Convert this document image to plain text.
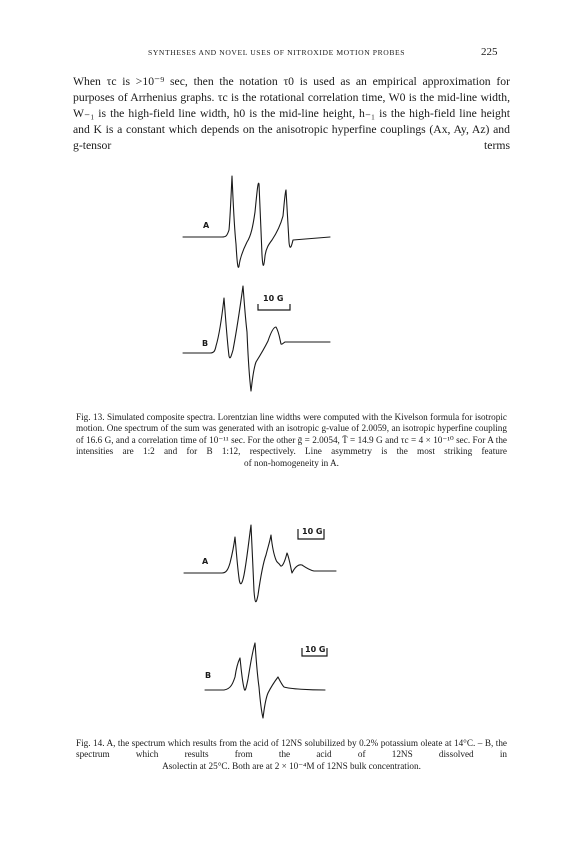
SYNTHESES AND NOVEL USES OF NITROXIDE MOTION PROBES	225

When τc is >10⁻⁹ sec, then the notation τ0 is used as an empirical approximation for purposes of Arrhenius graphs. τc is the rotational correlation time, W0 is the mid-line width, W₋₁ is the high-field line width, h0 is the mid-line height, h₋₁ is the high-field line height and K is a constant which depends on the anisotropic hyperfine couplings (Ax, Ay, Az) and g-tensor terms

A
B
10 G

Fig. 13. Simulated composite spectra. Lorentzian line widths were computed with the Kivelson formula for isotropic motion. One spectrum of the sum was generated with an isotropic g-value of 2.0059, an isotropic hyperfine coupling of 16.6 G, and a correlation time of 10⁻¹¹ sec. For the other ḡ = 2.0054, T̄ = 14.9 G and τc = 4 × 10⁻¹⁰ sec. For A the intensities are 1:2 and for B 1:12, respectively. Line asymmetry is the most striking feature

of non-homogeneity in A.

A
B
10 G
10 G

Fig. 14. A, the spectrum which results from the acid of 12NS solubilized by 0.2% potassium oleate at 14°C. – B, the spectrum which results from the acid of 12NS dissolved in

Asolectin at 25°C. Both are at 2 × 10⁻⁴M of 12NS bulk concentration.
